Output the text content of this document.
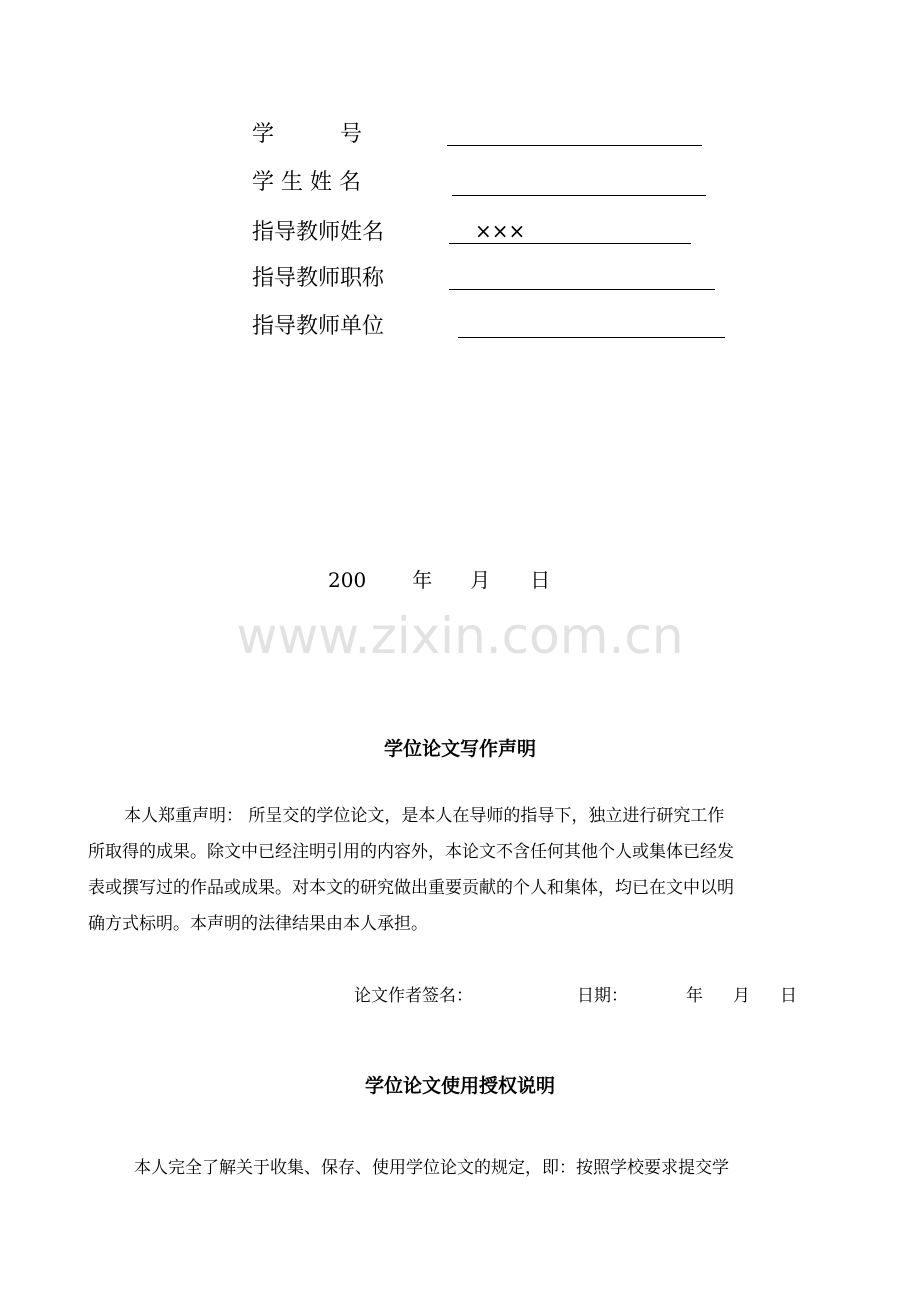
学　　　号
学 生 姓 名
指导教师姓名	×××
指导教师职称
指导教师单位
200 年 月 日
www.zixin.com.cn
学位论文写作声明
本人郑重声明： 所呈交的学位论文，是本人在导师的指导下，独立进行研究工作
所取得的成果。除文中已经注明引用的内容外，本论文不含任何其他个人或集体已经发
表或撰写过的作品或成果。对本文的研究做出重要贡献的个人和集体，均已在文中以明
确方式标明。本声明的法律结果由本人承担。
论文作者签名：	日期：	年 月 日
学位论文使用授权说明
本人完全了解关于收集、保存、使用学位论文的规定，即：按照学校要求提交学
